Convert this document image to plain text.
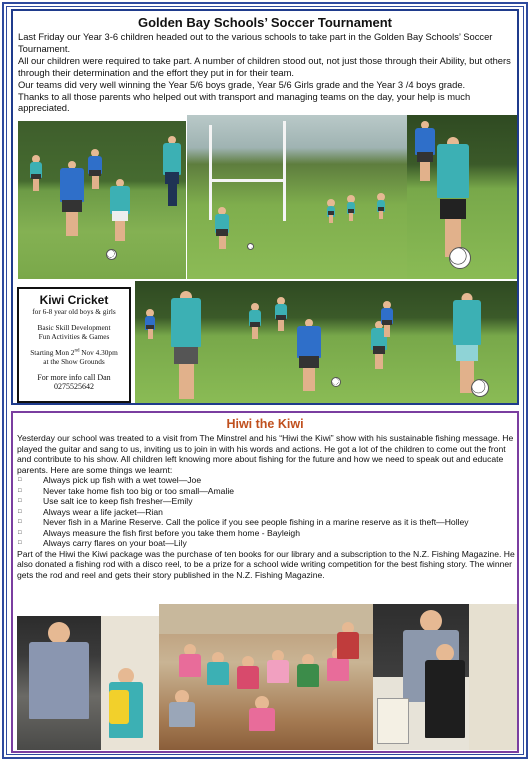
Golden Bay Schools’ Soccer Tournament

Last Friday our Year 3-6 children headed out to the various schools to take part in the Golden Bay Schools’ Soccer Tournament.

All our children were required to take part. A number of children stood out, not just those through their Ability, but others through their determination and the effort they put in for their team.

Our teams did very well winning the Year 5/6 boys grade, Year 5/6 Girls grade and the Year 3 /4 boys grade.

Thanks to all those parents who helped out with transport and managing teams on the day, your help is much appreciated.

Kiwi Cricket
for 6-8 year old boys & girls
Basic Skill Development
Fun Activities & Games
Starting Mon 2nd Nov 4.30pm
at the Show Grounds
For more info call Dan
0275525642
Hiwi the Kiwi

Yesterday our school was treated to a visit from The Minstrel and his “Hiwi the Kiwi” show with his sustainable fishing message. He played the guitar and sang to us, inviting us to join in with his words and actions. He got a lot of the children to come out the front and contribute to his show. All children left knowing more about fishing for the future and how we need to speak out and educate parents. Here are some things we learnt:

□ Always pick up fish with a wet towel—Joe
□ Never take home fish too big or too small—Amalie
□ Use salt ice to keep fish fresher—Emily
□ Always wear a life jacket—Rian
□ Never fish in a Marine Reserve. Call the police if you see people fishing in a marine reserve as it is theft—Holley
□ Always measure the fish first before you take them home - Bayleigh
□ Always carry flares on your boat—Lily

Part of the Hiwi the Kiwi package was the purchase of ten books for our library and a subscription to the N.Z. Fishing Magazine. He also donated a fishing rod with a disco reel, to be a prize for a school wide writing competition for the best fishing story. The winner gets the rod and reel and gets their story published in the N.Z. Fishing Magazine.
